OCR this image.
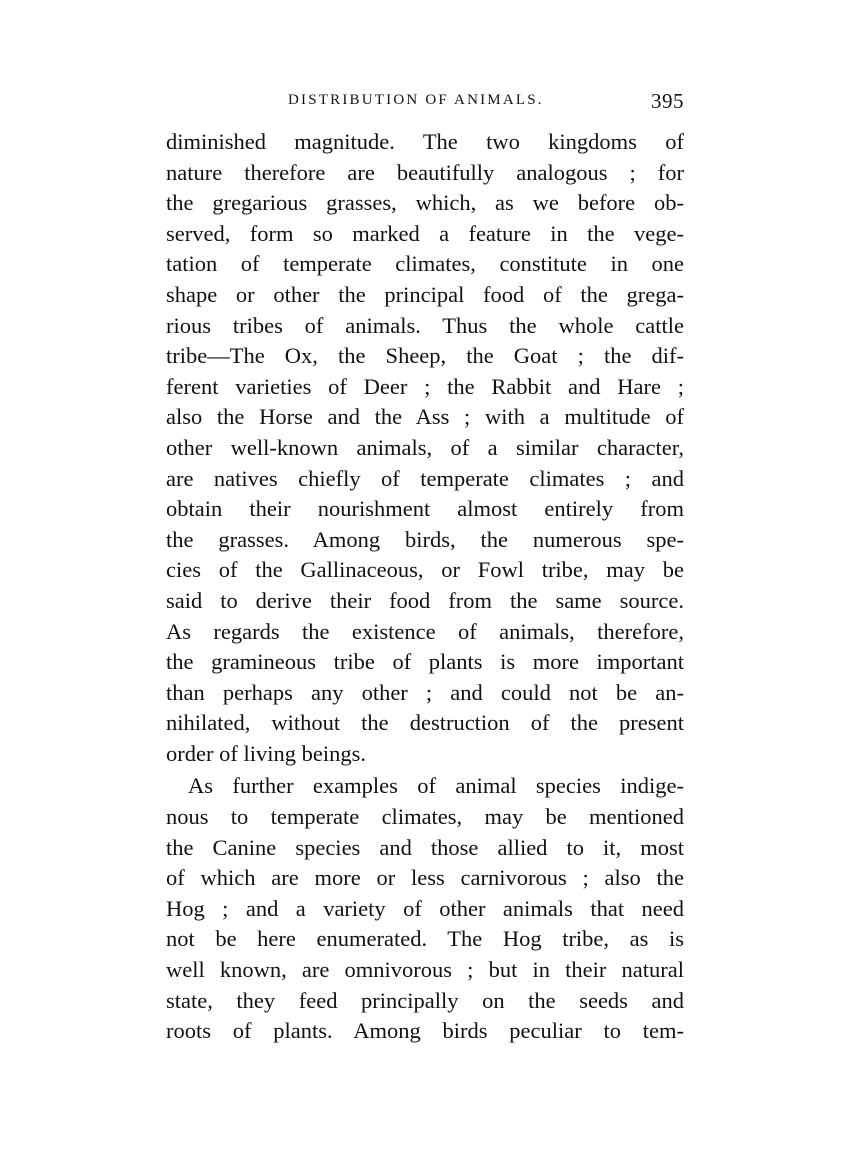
DISTRIBUTION OF ANIMALS.	395
diminished magnitude. The two kingdoms of
nature therefore are beautifully analogous ; for
the gregarious grasses, which, as we before ob-
served, form so marked a feature in the vege-
tation of temperate climates, constitute in one
shape or other the principal food of the grega-
rious tribes of animals. Thus the whole cattle
tribe—The Ox, the Sheep, the Goat ; the dif-
ferent varieties of Deer ; the Rabbit and Hare ;
also the Horse and the Ass ; with a multitude of
other well-known animals, of a similar character,
are natives chiefly of temperate climates ; and
obtain their nourishment almost entirely from
the grasses. Among birds, the numerous spe-
cies of the Gallinaceous, or Fowl tribe, may be
said to derive their food from the same source.
As regards the existence of animals, therefore,
the gramineous tribe of plants is more important
than perhaps any other ; and could not be an-
nihilated, without the destruction of the present
order of living beings.
As further examples of animal species indige-
nous to temperate climates, may be mentioned
the Canine species and those allied to it, most
of which are more or less carnivorous ; also the
Hog ; and a variety of other animals that need
not be here enumerated. The Hog tribe, as is
well known, are omnivorous ; but in their natural
state, they feed principally on the seeds and
roots of plants. Among birds peculiar to tem-
